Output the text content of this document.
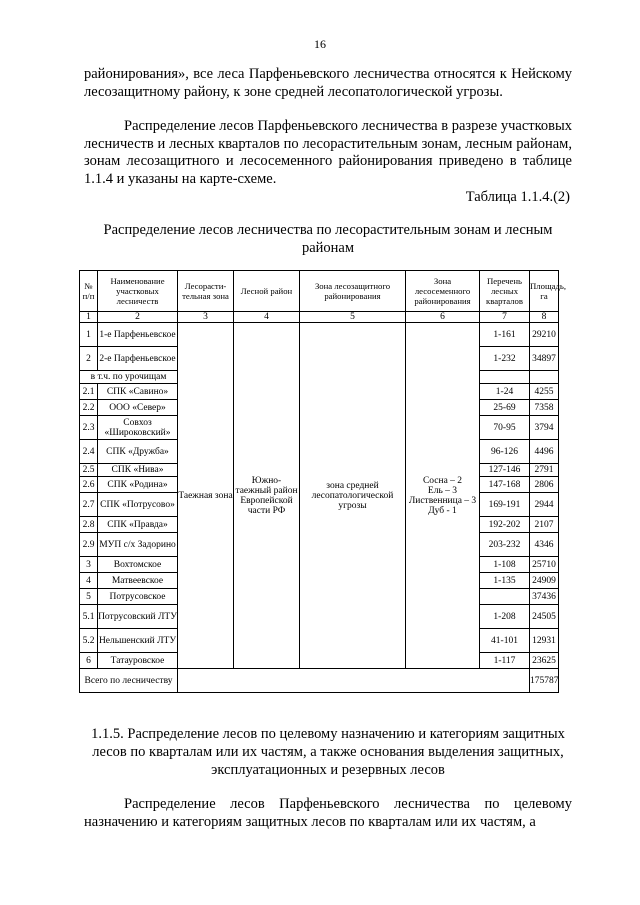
16
районирования», все леса Парфеньевского лесничества относятся к Нейскому лесозащитному району, к зоне средней лесопатологической угрозы.
Распределение лесов Парфеньевского лесничества в разрезе участковых лесничеств и лесных кварталов по лесорастительным зонам, лесным районам, зонам лесозащитного и лесосеменного районирования приведено в таблице 1.1.4 и указаны на карте-схеме.
Таблица 1.1.4.(2)
Распределение лесов лесничества по лесорастительным зонам и лесным районам
№ п/п	Наименование участковых лесничеств	Лесорасти-тельная зона	Лесной район	Зона лесозащитного районирования	Зона лесосеменного районирования	Перечень лесных кварталов	Площадь, га
1	2	3	4	5	6	7	8
1	1-е Парфеньевское	Таежная зона	Южно-таежный район Европейской части РФ	зона средней лесопатологической угрозы	Сосна – 2
Ель – 3
Лиственница – 3
Дуб - 1	1-161	29210
2	2-е Парфеньевское					1-232	34897
в т.ч. по урочищам							
2.1	СПК «Савино»					1-24	4255
2.2	ООО «Север»					25-69	7358
2.3	Совхоз «Широковский»					70-95	3794
2.4	СПК «Дружба»					96-126	4496
2.5	СПК «Нива»					127-146	2791
2.6	СПК «Родина»					147-168	2806
2.7	СПК «Потрусово»					169-191	2944
2.8	СПК «Правда»					192-202	2107
2.9	МУП с/х Задорино					203-232	4346
3	Вохтомское					1-108	25710
4	Матвеевское					1-135	24909
5	Потрусовское						37436
5.1	Потрусовский ЛТУ					1-208	24505
5.2	Нельшенский ЛТУ					41-101	12931
6	Татауровское					1-117	23625
Всего по лесничеству							175787
1.1.5. Распределение лесов по целевому назначению и категориям защитных лесов по кварталам или их частям, а также основания выделения защитных, эксплуатационных и резервных лесов
Распределение лесов Парфеньевского лесничества по целевому назначению и категориям защитных лесов по кварталам или их частям, а
